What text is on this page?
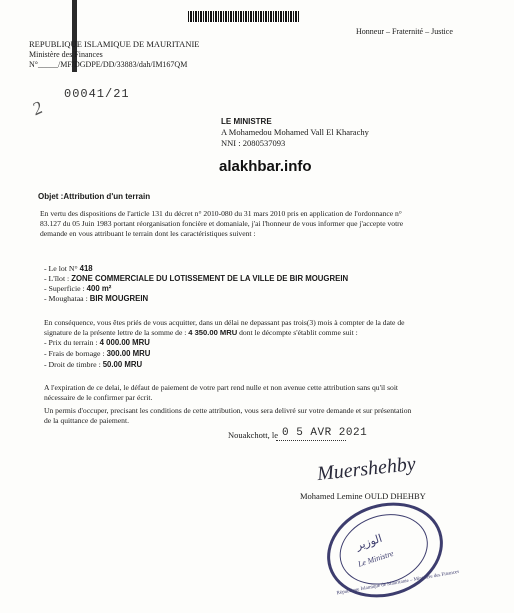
Honneur – Fraternité – Justice
REPUBLIQUE ISLAMIQUE DE MAURITANIE
Ministère des Finances
N°_____/MF/DGDPE/DD/33883/dah/IM167QM
00041/21
2
LE MINISTRE
A Mohamedou Mohamed Vall El Kharachy
NNI : 2080537093
alakhbar.info
Objet :Attribution d'un terrain
En vertu des dispositions de l'article 131 du décret n° 2010-080 du 31 mars 2010 pris en application de l'ordonnance n°
83.127 du 05 Juin 1983 portant réorganisation foncière et domaniale, j'ai l'honneur de vous informer que j'accepte votre
demande en vous attribuant le terrain dont les caractéristiques suivent :
- Le lot N° 418
- L'îlot : ZONE COMMERCIALE DU LOTISSEMENT DE LA VILLE DE BIR MOUGREIN
- Superficie : 400 m²
- Moughataa : BIR MOUGREIN
En conséquence, vous êtes priés de vous acquitter, dans un délai ne depassant pas trois(3) mois à compter de la date de
signature de la présente lettre de la somme de : 4 350.00 MRU dont le décompte s'établit comme suit :
- Prix du terrain : 4 000.00 MRU
- Frais de bornage : 300.00 MRU
- Droit de timbre : 50.00 MRU
A l'expiration de ce delai, le défaut de paiement de votre part rend nulle et non avenue cette attribution sans qu'il soit
nécessaire de le confirmer par écrit.
Un permis d'occuper, precisant les conditions de cette attribution, vous sera delivré sur votre demande et sur présentation
de la quittance de paiement.
Nouakchott, le 0 5 AVR 2021
Muershehby
Mohamed Lemine OULD DHEHBY
الوزير
Le Ministre
République Islamique de Mauritanie – Ministère des Finances
